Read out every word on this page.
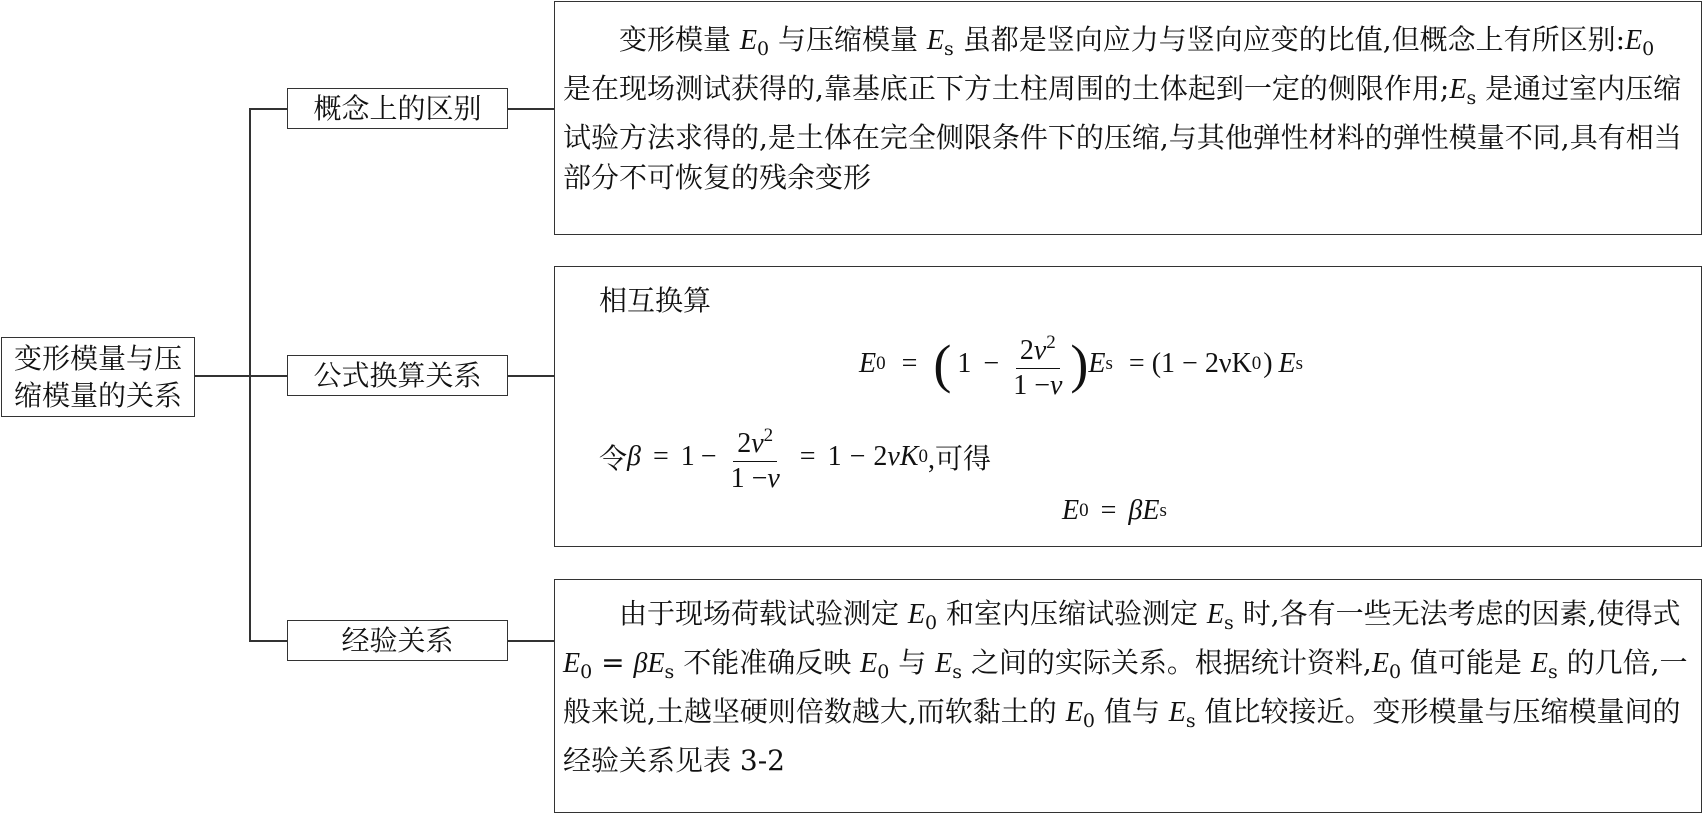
变形模量与压
缩模量的关系
概念上的区别
公式换算关系
经验关系
变形模量 $E_0$ 与压缩模量 $E_s$ 虽都是竖向应力与竖向应变的比值,但概念上有所区别$:E_0$ 是在现场测试获得的,靠基底正下方土柱周围的土体起到一定的侧限作用$;E_s$ 是通过室内压缩试验方法求得的,是土体在完全侧限条件下的压缩,与其他弹性材料的弹性模量不同,具有相当部分不可恢复的残余变形
相互换算
E 0 = ( $1 - \frac{2\nu^2}{1 -\nu}$ ) E s = (1 − 2νK 0 ) E s
令 $\beta = 1 - \frac{2\nu^2}{1 -\nu} = 1 - 2$ ν K 0 ,可得
E 0 = β E s
由于现场荷载试验测定 $E_0$ 和室内压缩试验测定 $E_s$ 时,各有一些无法考虑的因素,使得式 $E_0 = \beta E_s$ 不能准确反映 $E_0$ 与 $E_s$ 之间的实际关系。根据统计资料$,E_0$ 值可能是 $E_s$ 的几倍,一般来说,土越坚硬则倍数越大,而软黏土的 $E_0$ 值与 $E_s$ 值比较接近。变形模量与压缩模量间的经验关系见表 3-2
